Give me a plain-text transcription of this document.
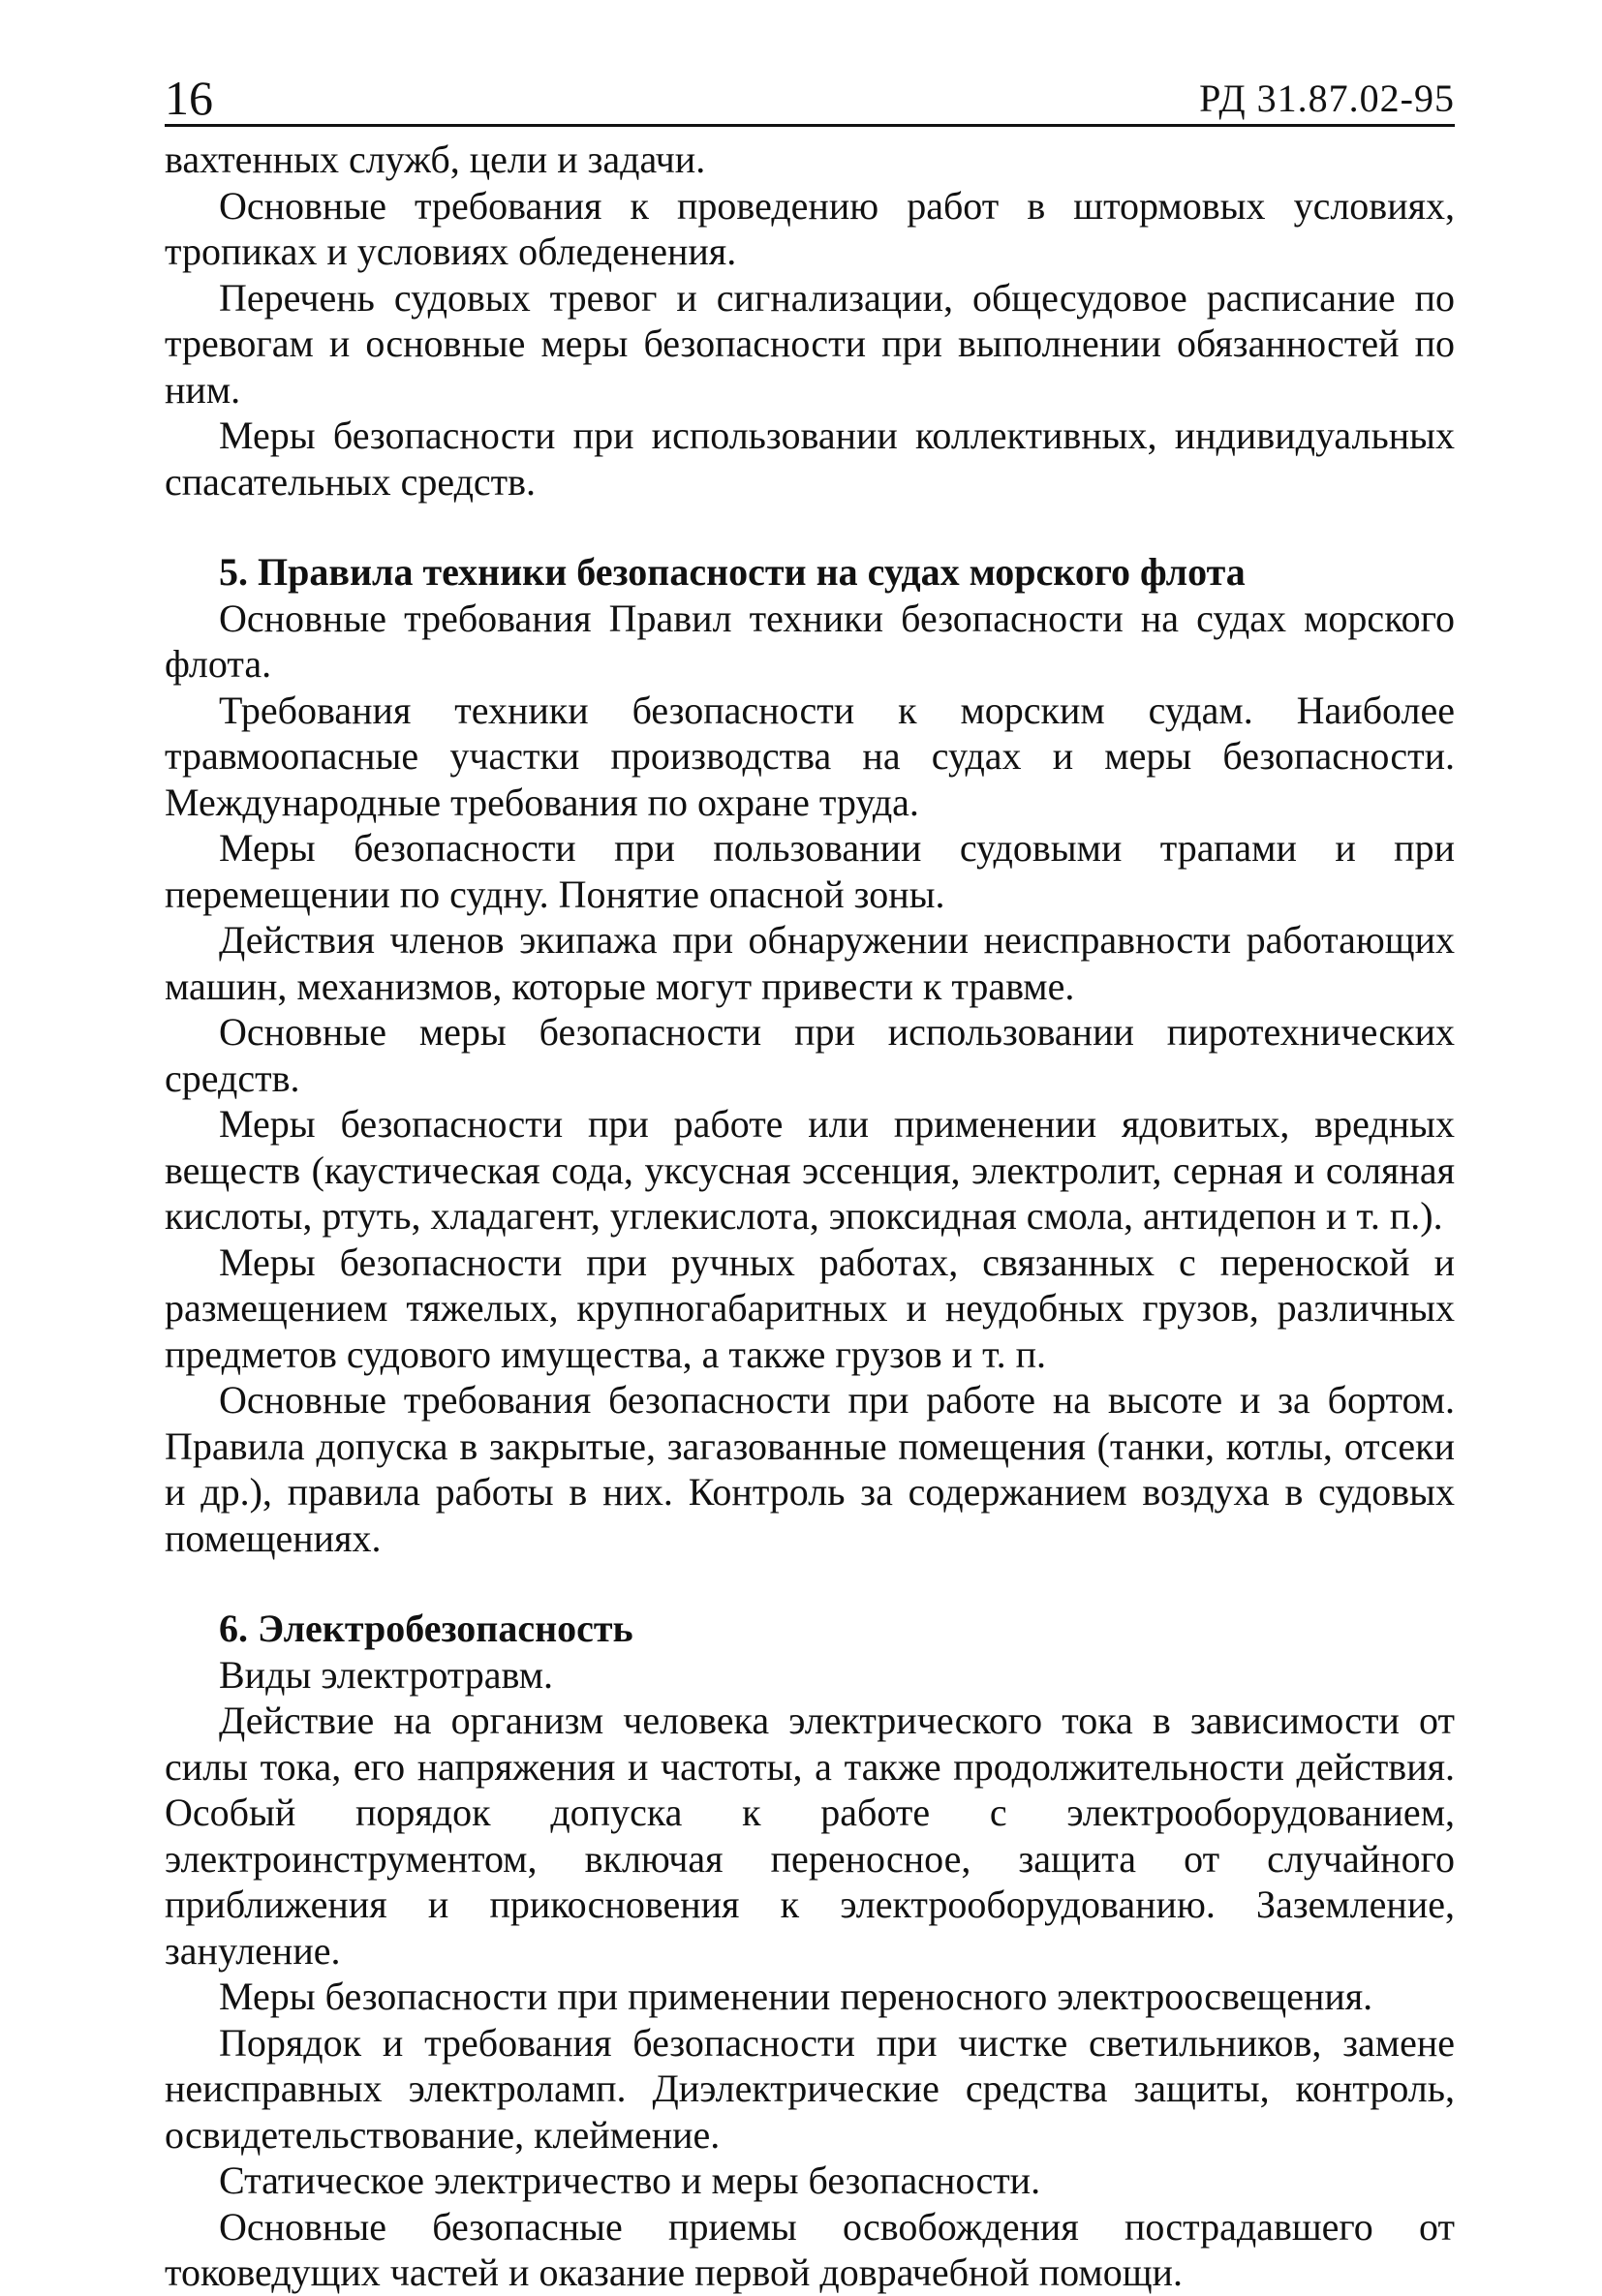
16	РД 31.87.02-95

вахтенных служб, цели и задачи.

Основные требования к проведению работ в штормовых условиях, тропиках и условиях обледенения.

Перечень судовых тревог и сигнализации, общесудовое расписание по тревогам и основные меры безопасности при выполнении обязанностей по ним.

Меры безопасности при использовании коллективных, индивидуальных спасательных средств.

5. Правила техники безопасности на судах морского флота

Основные требования Правил техники безопасности на судах морского флота.

Требования техники безопасности к морским судам. Наиболее травмоопасные участки производства на судах и меры безопасности. Международные требования по охране труда.

Меры безопасности при пользовании судовыми трапами и при перемещении по судну. Понятие опасной зоны.

Действия членов экипажа при обнаружении неисправности работающих машин, механизмов, которые могут привести к травме.

Основные меры безопасности при использовании пиротехнических средств.

Меры безопасности при работе или применении ядовитых, вредных веществ (каустическая сода, уксусная эссенция, электролит, серная и соляная кислоты, ртуть, хладагент, углекислота, эпоксидная смола, антидепон и т. п.).

Меры безопасности при ручных работах, связанных с переноской и размещением тяжелых, крупногабаритных и неудобных грузов, различных предметов судового имущества, а также грузов и т. п.

Основные требования безопасности при работе на высоте и за бортом. Правила допуска в закрытые, загазованные помещения (танки, котлы, отсеки и др.), правила работы в них. Контроль за содержанием воздуха в судовых помещениях.

6. Электробезопасность

Виды электротравм.

Действие на организм человека электрического тока в зависимости от силы тока, его напряжения и частоты, а также продолжительности действия. Особый порядок допуска к работе с электрооборудованием, электроинструментом, включая переносное, защита от случайного приближения и прикосновения к электрооборудованию. Заземление, зануление.

Меры безопасности при применении переносного электроосвещения.

Порядок и требования безопасности при чистке светильников, замене неисправных электроламп. Диэлектрические средства защиты, контроль, освидетельствование, клеймение.

Статическое электричество и меры безопасности.

Основные безопасные приемы освобождения пострадавшего от токоведущих частей и оказание первой доврачебной помощи.
